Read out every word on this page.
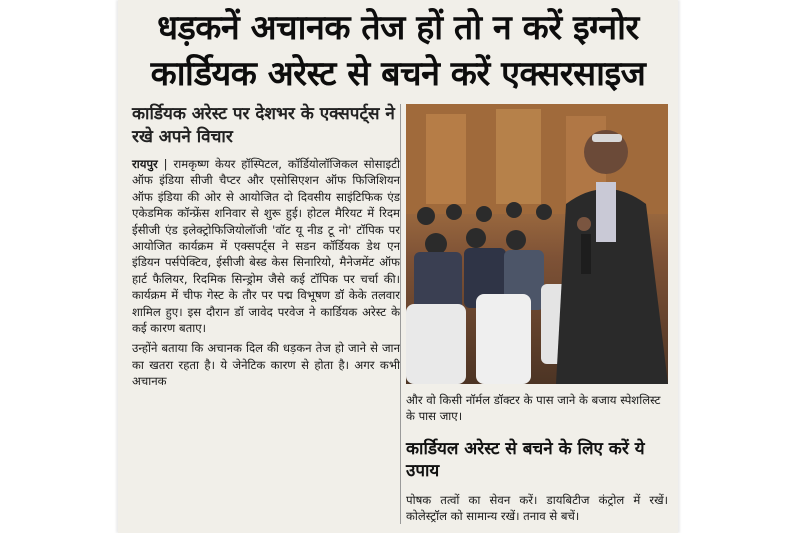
धड़कनें अचानक तेज हों तो न करें इग्नोर
कार्डियक अरेस्ट से बचने करें एक्सरसाइज
कार्डियक अरेस्ट पर देशभर के एक्सपर्ट्स ने रखे अपने विचार

रायपुर | रामकृष्ण केयर हॉस्पिटल, कॉर्डियोलॉजिकल सोसाइटी ऑफ इंडिया सीजी चैप्टर और एसोसिएशन ऑफ फिजिशियन ऑफ इंडिया की ओर से आयोजित दो दिवसीय साइंटिफिक एंड एकेडमिक कॉन्फ्रेंस शनिवार से शुरू हुई। होटल मैरियट में रिदम ईसीजी एंड इलेक्ट्रोफिजियोलॉजी 'वॉट यू नीड टू नो' टॉपिक पर आयोजित कार्यक्रम में एक्सपर्ट्स ने सडन कॉर्डियक डेथ एन इंडियन पर्सपेक्टिव, ईसीजी बेस्ड केस सिनारियो, मैनेजमेंट ऑफ हार्ट फैलियर, रिदमिक सिन्ड्रोम जैसे कई टॉपिक पर चर्चा की। कार्यक्रम में चीफ गेस्ट के तौर पर पद्म विभूषण डॉ केके तलवार शामिल हुए। इस दौरान डॉ जावेद परवेज ने कार्डियक अरेस्ट के कई कारण बताए।

उन्होंने बताया कि अचानक दिल की धड़कन तेज हो जाने से जान का खतरा रहता है। ये जेनेटिक कारण से होता है। अगर कभी अचानक

और वो किसी नॉर्मल डॉक्टर के पास जाने के बजाय स्पेशलिस्ट के पास जाए।
कार्डियल अरेस्ट से बचने के लिए करें ये उपाय
पोषक तत्वों का सेवन करें। डायबिटीज कंट्रोल में रखें। कोलेस्ट्रॉल को सामान्य रखें। तनाव से बचें।
